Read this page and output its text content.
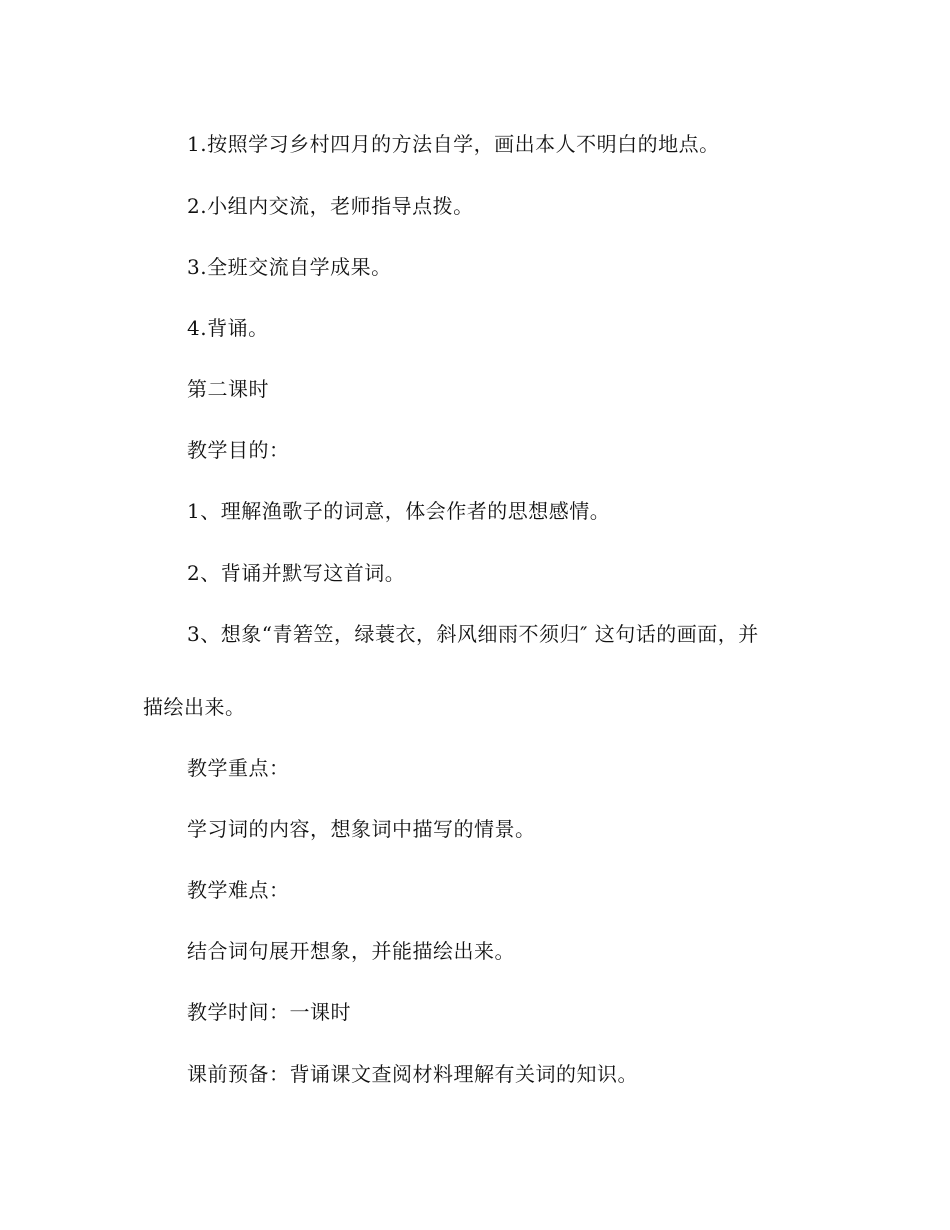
1.按照学习乡村四月的方法自学，画出本人不明白的地点。
2.小组内交流，老师指导点拨。
3.全班交流自学成果。
4.背诵。
第二课时
教学目的：
1、理解渔歌子的词意，体会作者的思想感情。
2、背诵并默写这首词。
3、想象“青箬笠，绿蓑衣，斜风细雨不须归″ 这句话的画面，并
描绘出来。
教学重点：
学习词的内容，想象词中描写的情景。
教学难点：
结合词句展开想象，并能描绘出来。
教学时间：一课时
课前预备：背诵课文查阅材料理解有关词的知识。
